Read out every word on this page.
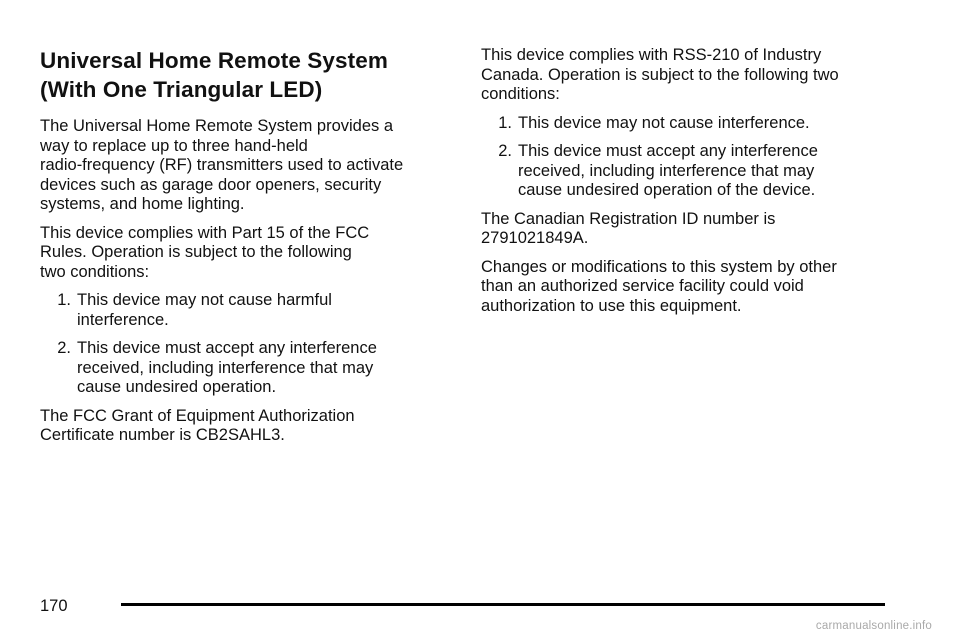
Universal Home Remote System
(With One Triangular LED)

The Universal Home Remote System provides a
way to replace up to three hand-held
radio-frequency (RF) transmitters used to activate
devices such as garage door openers, security
systems, and home lighting.

This device complies with Part 15 of the FCC
Rules. Operation is subject to the following
two conditions:

1. This device may not cause harmful
interference.
2. This device must accept any interference
received, including interference that may
cause undesired operation.

The FCC Grant of Equipment Authorization
Certificate number is CB2SAHL3.

This device complies with RSS-210 of Industry
Canada. Operation is subject to the following two
conditions:

1. This device may not cause interference.
2. This device must accept any interference
received, including interference that may
cause undesired operation of the device.

The Canadian Registration ID number is
2791021849A.

Changes or modifications to this system by other
than an authorized service facility could void
authorization to use this equipment.

170
carmanualsonline.info
